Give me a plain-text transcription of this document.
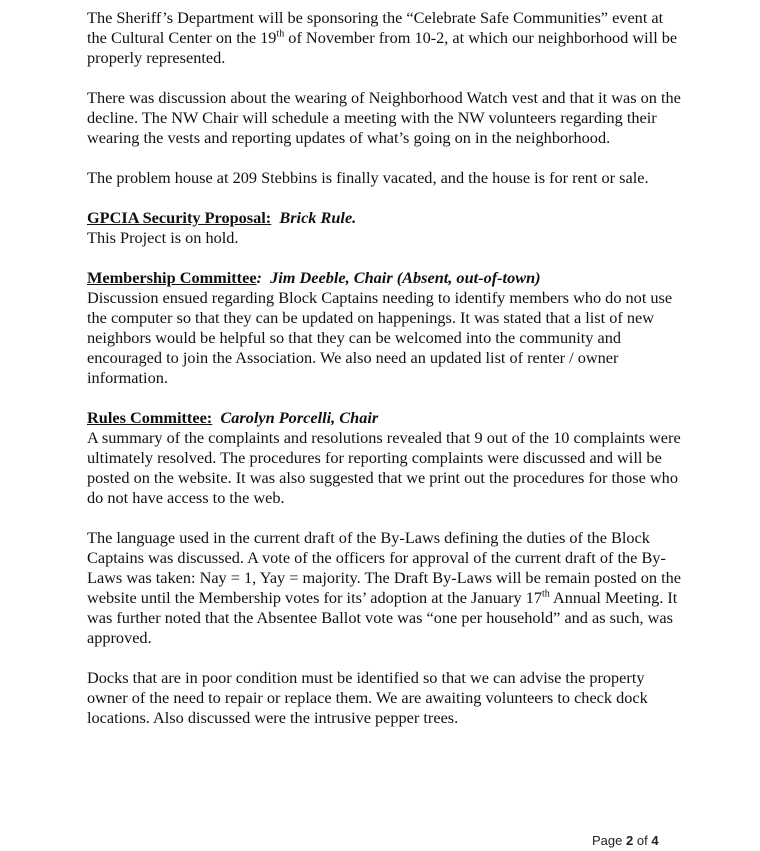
The Sheriff’s Department will be sponsoring the “Celebrate Safe Communities” event at the Cultural Center on the 19th of November from 10-2, at which our neighborhood will be properly represented.

There was discussion about the wearing of Neighborhood Watch vest and that it was on the decline. The NW Chair will schedule a meeting with the NW volunteers regarding their wearing the vests and reporting updates of what’s going on in the neighborhood.

The problem house at 209 Stebbins is finally vacated, and the house is for rent or sale.

GPCIA Security Proposal: Brick Rule.

This Project is on hold.

Membership Committee: Jim Deeble, Chair (Absent, out-of-town)

Discussion ensued regarding Block Captains needing to identify members who do not use the computer so that they can be updated on happenings. It was stated that a list of new neighbors would be helpful so that they can be welcomed into the community and encouraged to join the Association. We also need an updated list of renter / owner information.

Rules Committee: Carolyn Porcelli, Chair

A summary of the complaints and resolutions revealed that 9 out of the 10 complaints were ultimately resolved. The procedures for reporting complaints were discussed and will be posted on the website. It was also suggested that we print out the procedures for those who do not have access to the web.

The language used in the current draft of the By-Laws defining the duties of the Block Captains was discussed. A vote of the officers for approval of the current draft of the By-Laws was taken: Nay = 1, Yay = majority. The Draft By-Laws will be remain posted on the website until the Membership votes for its’ adoption at the January 17th Annual Meeting. It was further noted that the Absentee Ballot vote was “one per household” and as such, was approved.

Docks that are in poor condition must be identified so that we can advise the property owner of the need to repair or replace them. We are awaiting volunteers to check dock locations. Also discussed were the intrusive pepper trees.

Page 2 of 4
